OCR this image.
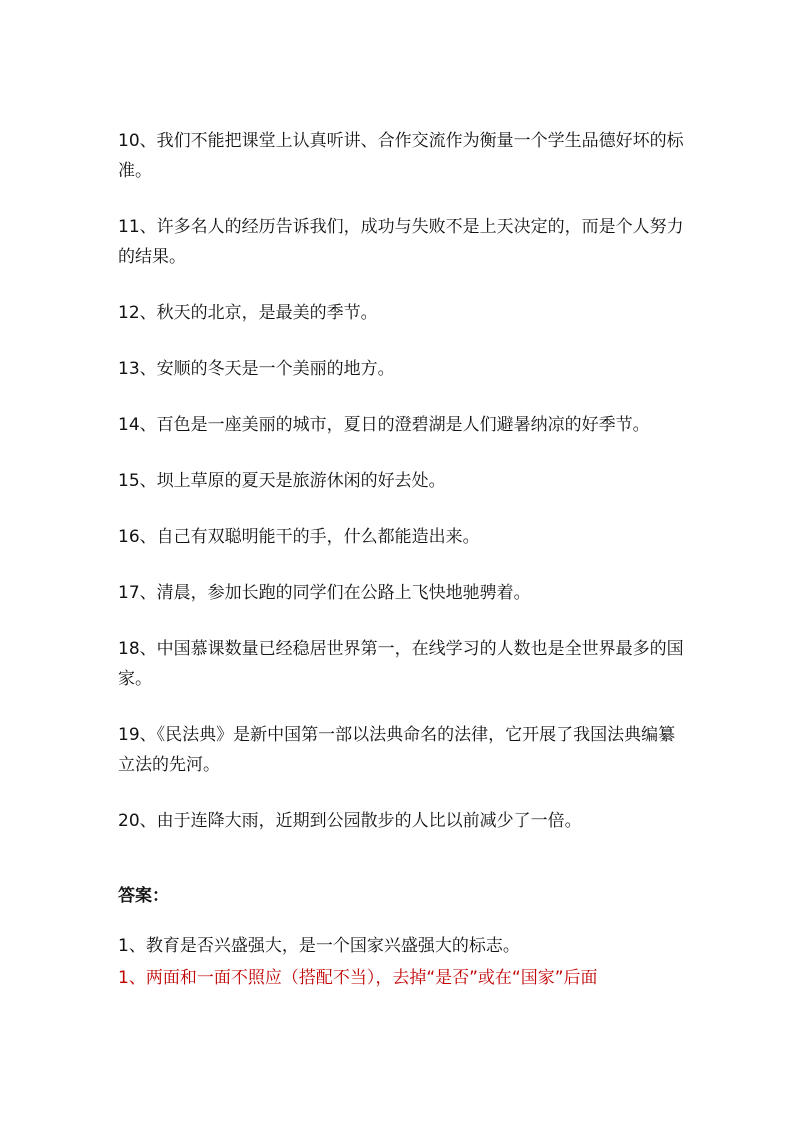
10、我们不能把课堂上认真听讲、合作交流作为衡量一个学生品德好坏的标准。

11、许多名人的经历告诉我们，成功与失败不是上天决定的，而是个人努力的结果。

12、秋天的北京，是最美的季节。

13、安顺的冬天是一个美丽的地方。

14、百色是一座美丽的城市，夏日的澄碧湖是人们避暑纳凉的好季节。

15、坝上草原的夏天是旅游休闲的好去处。

16、自己有双聪明能干的手，什么都能造出来。

17、清晨，参加长跑的同学们在公路上飞快地驰骋着。

18、中国慕课数量已经稳居世界第一，在线学习的人数也是全世界最多的国家。

19、《民法典》是新中国第一部以法典命名的法律，它开展了我国法典编纂立法的先河。

20、由于连降大雨，近期到公园散步的人比以前减少了一倍。

答案：

1、教育是否兴盛强大，是一个国家兴盛强大的标志。

1、两面和一面不照应（搭配不当），去掉“是否”或在“国家”后面
